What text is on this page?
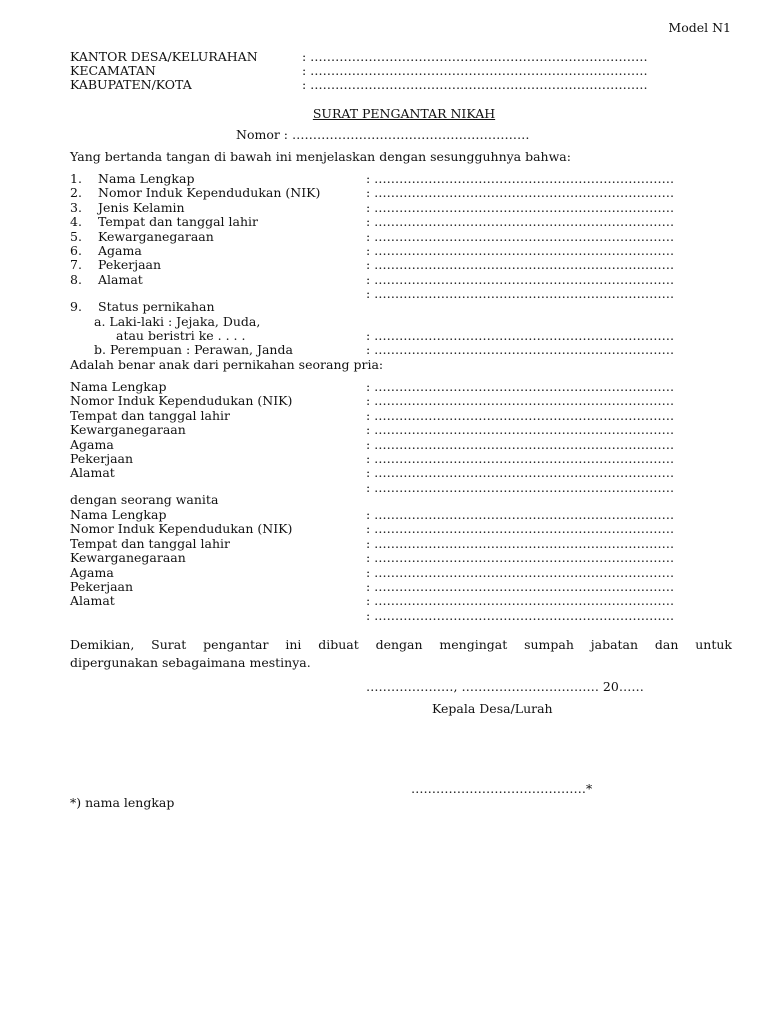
Model N1
KANTOR DESA/KELURAHAN	: ………………………………………………………………………
KECAMATAN	: ………………………………………………………………………
KABUPATEN/KOTA	: ………………………………………………………………………
SURAT PENGANTAR NIKAH
Nomor : …………………………………………………
Yang bertanda tangan di bawah ini menjelaskan dengan sesungguhnya bahwa:
1. Nama Lengkap	: ………………………………………………………………
2. Nomor Induk Kependudukan (NIK)	: ………………………………………………………………
3. Jenis Kelamin	: ………………………………………………………………
4. Tempat dan tanggal lahir	: ………………………………………………………………
5. Kewarganegaraan	: ………………………………………………………………
6. Agama	: ………………………………………………………………
7. Pekerjaan	: ………………………………………………………………
8. Alamat	: ………………………………………………………………
: ………………………………………………………………
9. Status pernikahan
a. Laki-laki : Jejaka, Duda,
atau beristri ke . . . .	: ………………………………………………………………
b. Perempuan : Perawan, Janda	: ………………………………………………………………
Adalah benar anak dari pernikahan seorang pria:
Nama Lengkap	: ………………………………………………………………
Nomor Induk Kependudukan (NIK)	: ………………………………………………………………
Tempat dan tanggal lahir	: ………………………………………………………………
Kewarganegaraan	: ………………………………………………………………
Agama	: ………………………………………………………………
Pekerjaan	: ………………………………………………………………
Alamat	: ………………………………………………………………
: ………………………………………………………………
dengan seorang wanita
Nama Lengkap	: ………………………………………………………………
Nomor Induk Kependudukan (NIK)	: ………………………………………………………………
Tempat dan tanggal lahir	: ………………………………………………………………
Kewarganegaraan	: ………………………………………………………………
Agama	: ………………………………………………………………
Pekerjaan	: ………………………………………………………………
Alamat	: ………………………………………………………………
: ………………………………………………………………
Demikian, Surat pengantar ini dibuat dengan mengingat sumpah jabatan dan untuk
dipergunakan sebagaimana mestinya.
…………………, …………………………… 20……
Kepala Desa/Lurah
……………………………………*
*) nama lengkap
